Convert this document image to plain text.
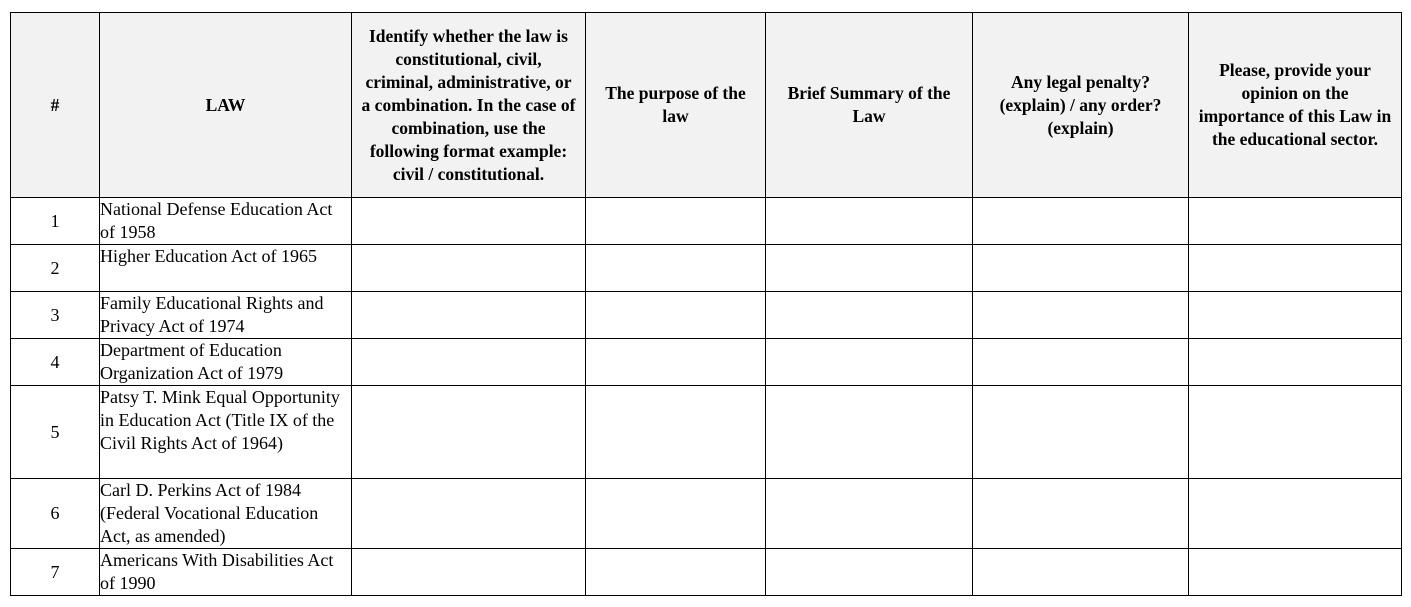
#	LAW	Identify whether the law is constitutional, civil, criminal, administrative, or a combination. In the case of combination, use the following format example: civil / constitutional.	The purpose of the law	Brief Summary of the Law	Any legal penalty? (explain) / any order? (explain)	Please, provide your opinion on the importance of this Law in the educational sector.

1	National Defense Education Act of 1958					
2	Higher Education Act of 1965					
3	Family Educational Rights and Privacy Act of 1974					
4	Department of Education Organization Act of 1979					
5	Patsy T. Mink Equal Opportunity in Education Act (Title IX of the Civil Rights Act of 1964)					
6	Carl D. Perkins Act of 1984 (Federal Vocational Education Act, as amended)					
7	Americans With Disabilities Act of 1990					
